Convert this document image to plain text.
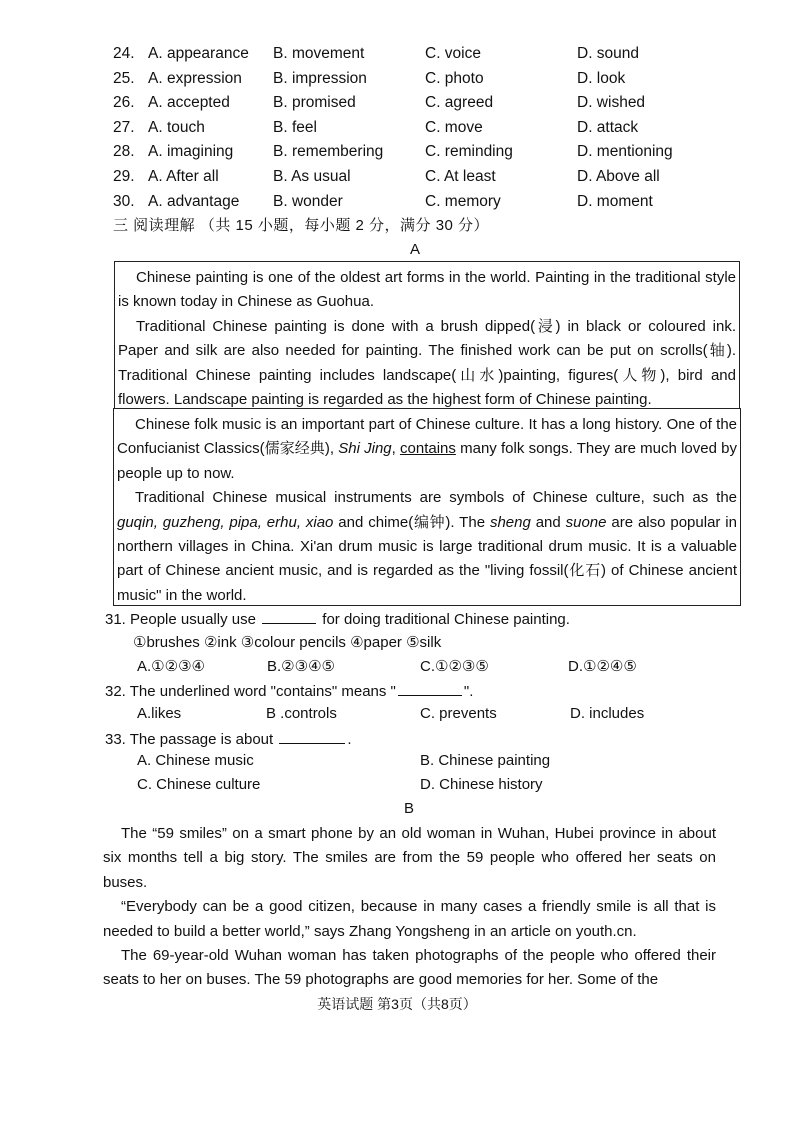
24. A. appearance B. movement	C. voice	D. sound
25. A. expression B. impression	C. photo	D. look
26. A. accepted	B. promised	C. agreed	D. wished
27. A. touch	B. feel	C. move	D. attack
28. A. imagining	B. remembering	C. reminding	D. mentioning
29. A. After all	B. As usual	C. At least	D. Above all
30. A. advantage B. wonder	C. memory	D. moment
三 阅读理解 （共 15 小题，每小题 2 分，满分 30 分）
A

Chinese painting is one of the oldest art forms in the world. Painting in the traditional style is known today in Chinese as Guohua.

Traditional Chinese painting is done with a brush dipped(浸) in black or coloured ink. Paper and silk are also needed for painting. The finished work can be put on scrolls(轴). Traditional Chinese painting includes landscape(山水)painting, figures(人物), bird and flowers. Landscape painting is regarded as the highest form of Chinese painting.

Chinese folk music is an important part of Chinese culture. It has a long history. One of the Confucianist Classics(儒家经典), Shi Jing, contains many folk songs. They are much loved by people up to now.

Traditional Chinese musical instruments are symbols of Chinese culture, such as the guqin, guzheng, pipa, erhu, xiao and chime(编钟). The sheng and suone are also popular in northern villages in China. Xi'an drum music is large traditional drum music. It is a valuable part of Chinese ancient music, and is regarded as the "living fossil(化石) of Chinese ancient music" in the world.

31. People usually use	for doing traditional Chinese painting.
①brushes ②ink ③colour pencils ④paper ⑤silk
A.①②③④	B.②③④⑤	C.①②③⑤	D.①②④⑤
32. The underlined word "contains" means "	".
A.likes	B .controls	C. prevents	D. includes
33. The passage is about	.
A. Chinese music	B. Chinese painting
C. Chinese culture	D. Chinese history
B

The “59 smiles” on a smart phone by an old woman in Wuhan, Hubei province in about six months tell a big story. The smiles are from the 59 people who offered her seats on buses.

“Everybody can be a good citizen, because in many cases a friendly smile is all that is needed to build a better world,” says Zhang Yongsheng in an article on youth.cn.

The 69-year-old Wuhan woman has taken photographs of the people who offered their seats to her on buses. The 59 photographs are good memories for her. Some of the

英语试题 第3页（共8页）
